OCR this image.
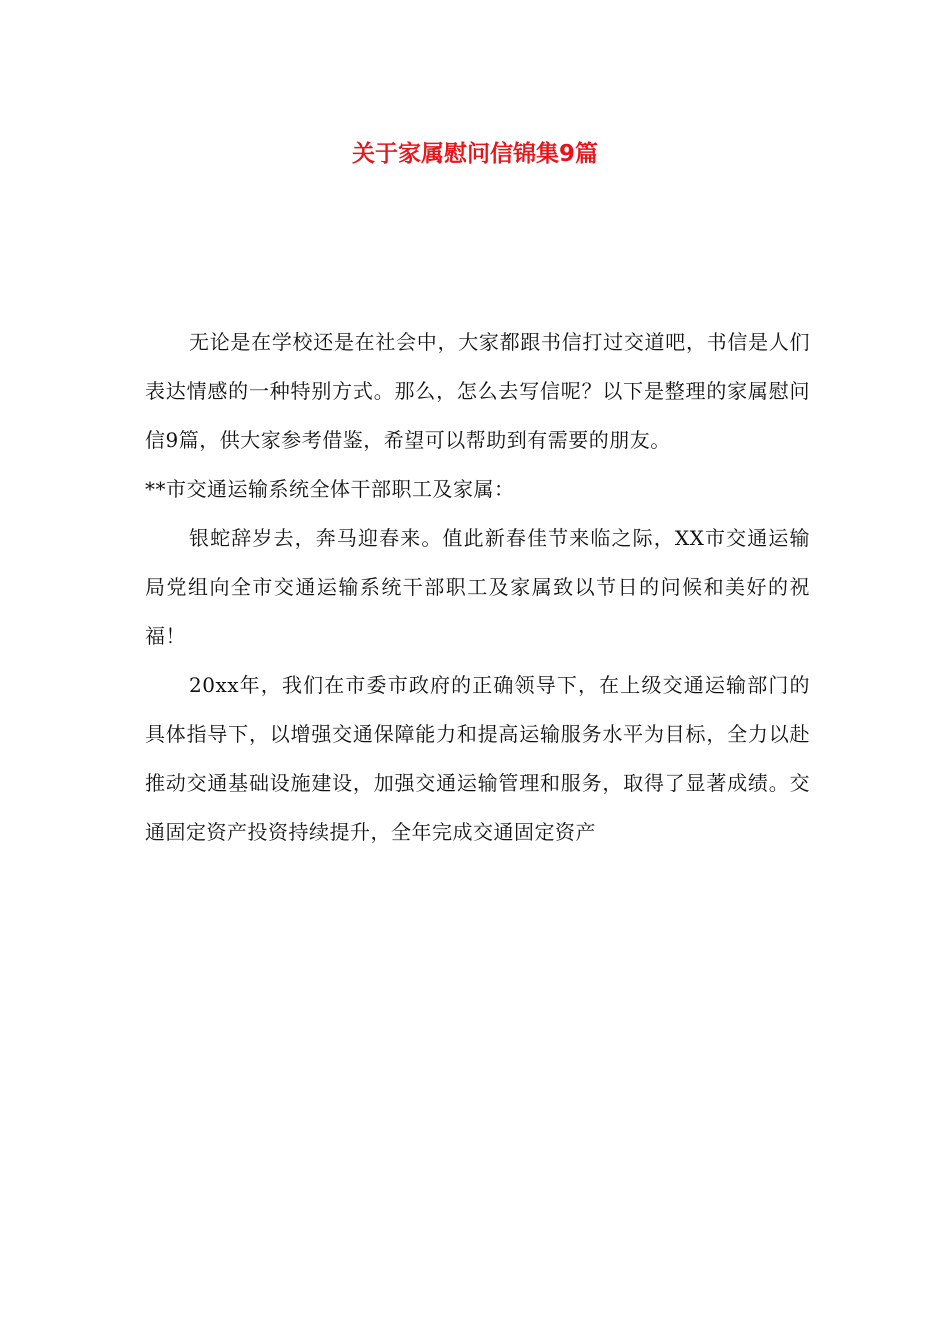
关于家属慰问信锦集9篇

无论是在学校还是在社会中，大家都跟书信打过交道吧，书信是人们表达情感的一种特别方式。那么，怎么去写信呢？以下是整理的家属慰问信9篇，供大家参考借鉴，希望可以帮助到有需要的朋友。

**市交通运输系统全体干部职工及家属：

银蛇辞岁去，奔马迎春来。值此新春佳节来临之际，XX市交通运输局党组向全市交通运输系统干部职工及家属致以节日的问候和美好的祝福！

20xx年，我们在市委市政府的正确领导下，在上级交通运输部门的具体指导下，以增强交通保障能力和提高运输服务水平为目标，全力以赴推动交通基础设施建设，加强交通运输管理和服务，取得了显著成绩。交通固定资产投资持续提升，全年完成交通固定资产
